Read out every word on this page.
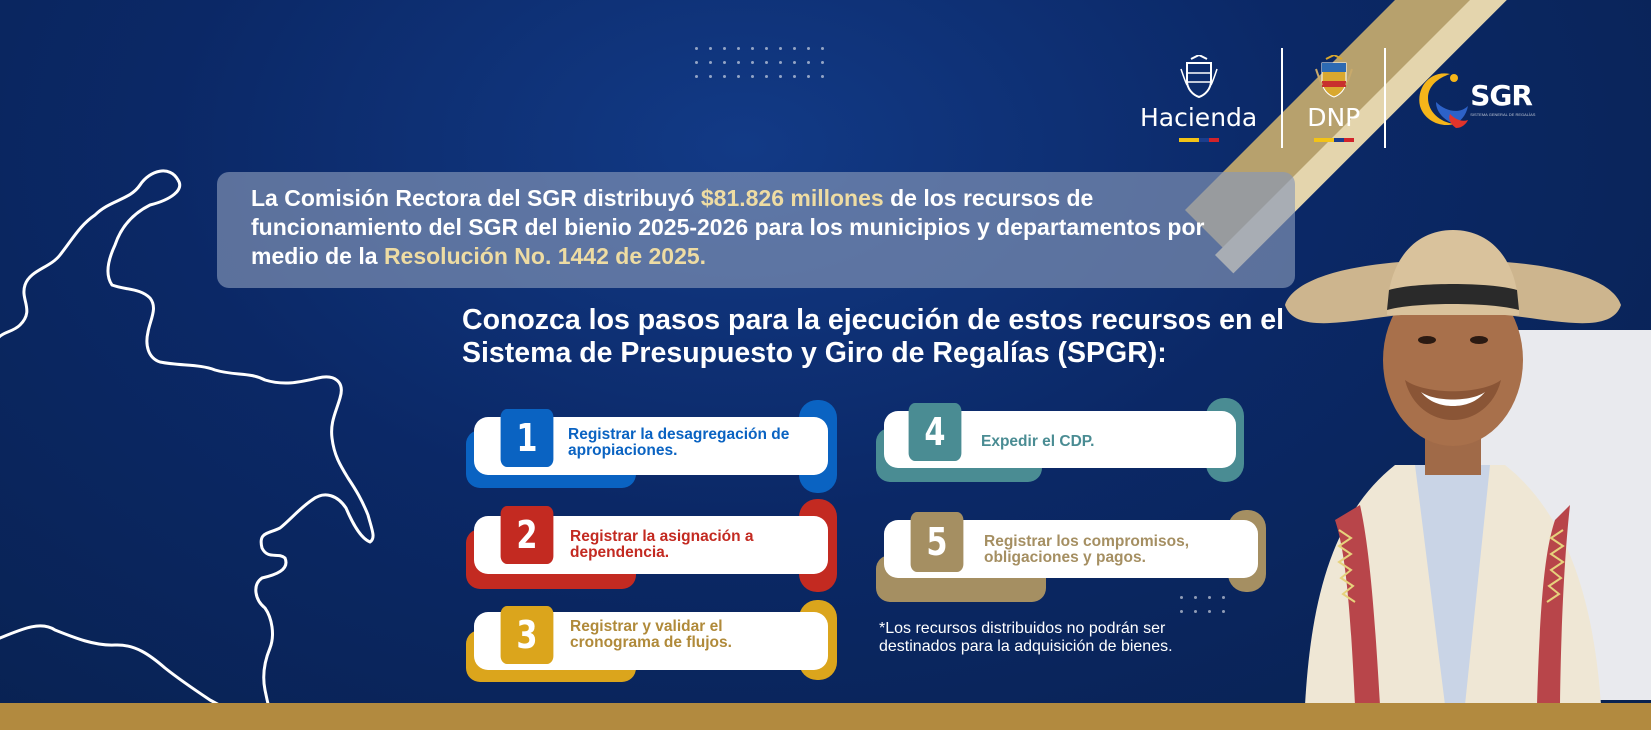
Hacienda DNP
SGR
SISTEMA GENERAL DE REGALÍAS
La Comisión Rectora del SGR distribuyó $81.826 millones de los recursos de funcionamiento del SGR del bienio 2025-2026 para los municipios y departamentos por medio de la Resolución No. 1442 de 2025.
Conozca los pasos para la ejecución de estos recursos en el Sistema de Presupuesto y Giro de Regalías (SPGR):
1	Registrar la desagregación de apropiaciones.
2	Registrar la asignación a dependencia.
3	Registrar y validar el cronograma de flujos.
4	Expedir el CDP.
5	Registrar los compromisos, obligaciones y pagos.
*Los recursos distribuidos no podrán ser destinados para la adquisición de bienes.
